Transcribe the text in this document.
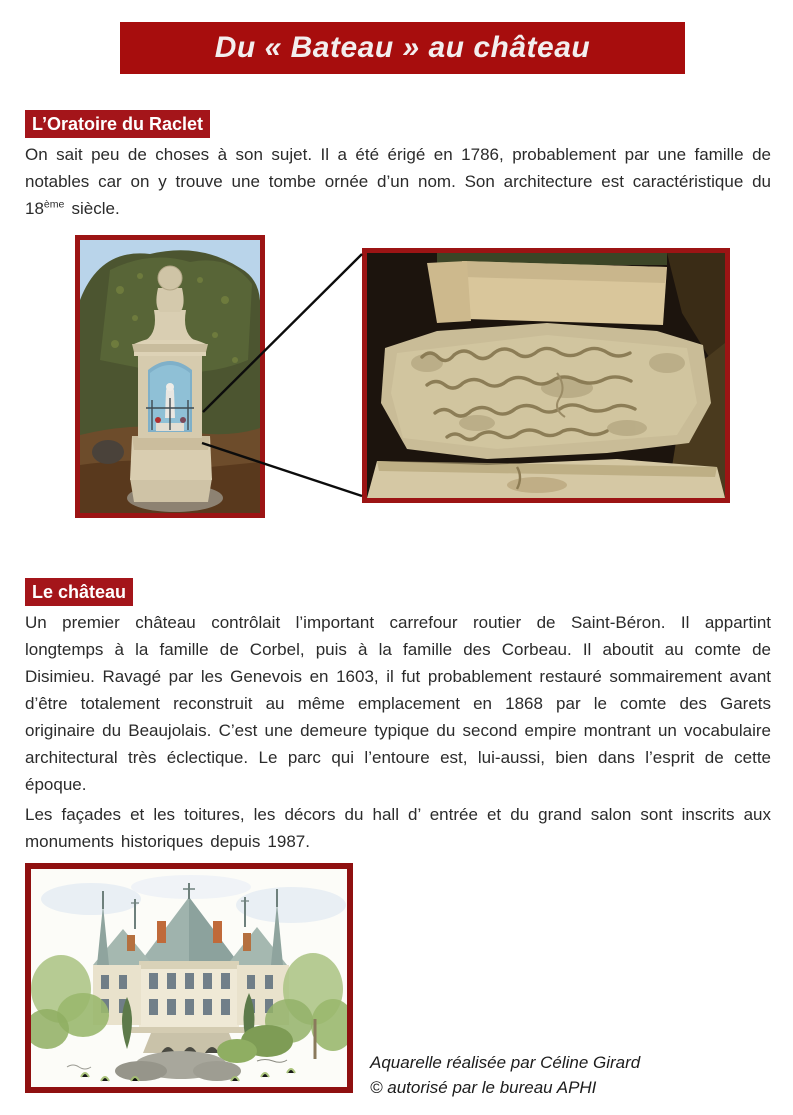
Du « Bateau » au château
L’Oratoire du Raclet

On sait peu de choses à son sujet. Il a été érigé en 1786, probablement par une famille de notables car on y trouve une tombe ornée d’un nom. Son architecture est caractéristique du 18ème siècle.

Le château

Un premier château contrôlait l’important carrefour routier de Saint-Béron. Il appartint longtemps à la famille de Corbel, puis à la famille des Corbeau. Il aboutit au comte de Disimieu. Ravagé par les Genevois en 1603, il fut probablement restauré sommairement avant d’être totalement reconstruit au même emplacement en 1868 par le comte des Garets originaire du Beaujolais. C’est une demeure typique du second empire montrant un vocabulaire architectural très éclectique. Le parc qui l’entoure est, lui-aussi, bien dans l’esprit de cette époque.

Les façades et les toitures, les décors du hall d’ entrée et du grand salon sont inscrits aux monuments historiques depuis 1987.

Aquarelle réalisée par Céline Girard
© autorisé par le bureau APHI
